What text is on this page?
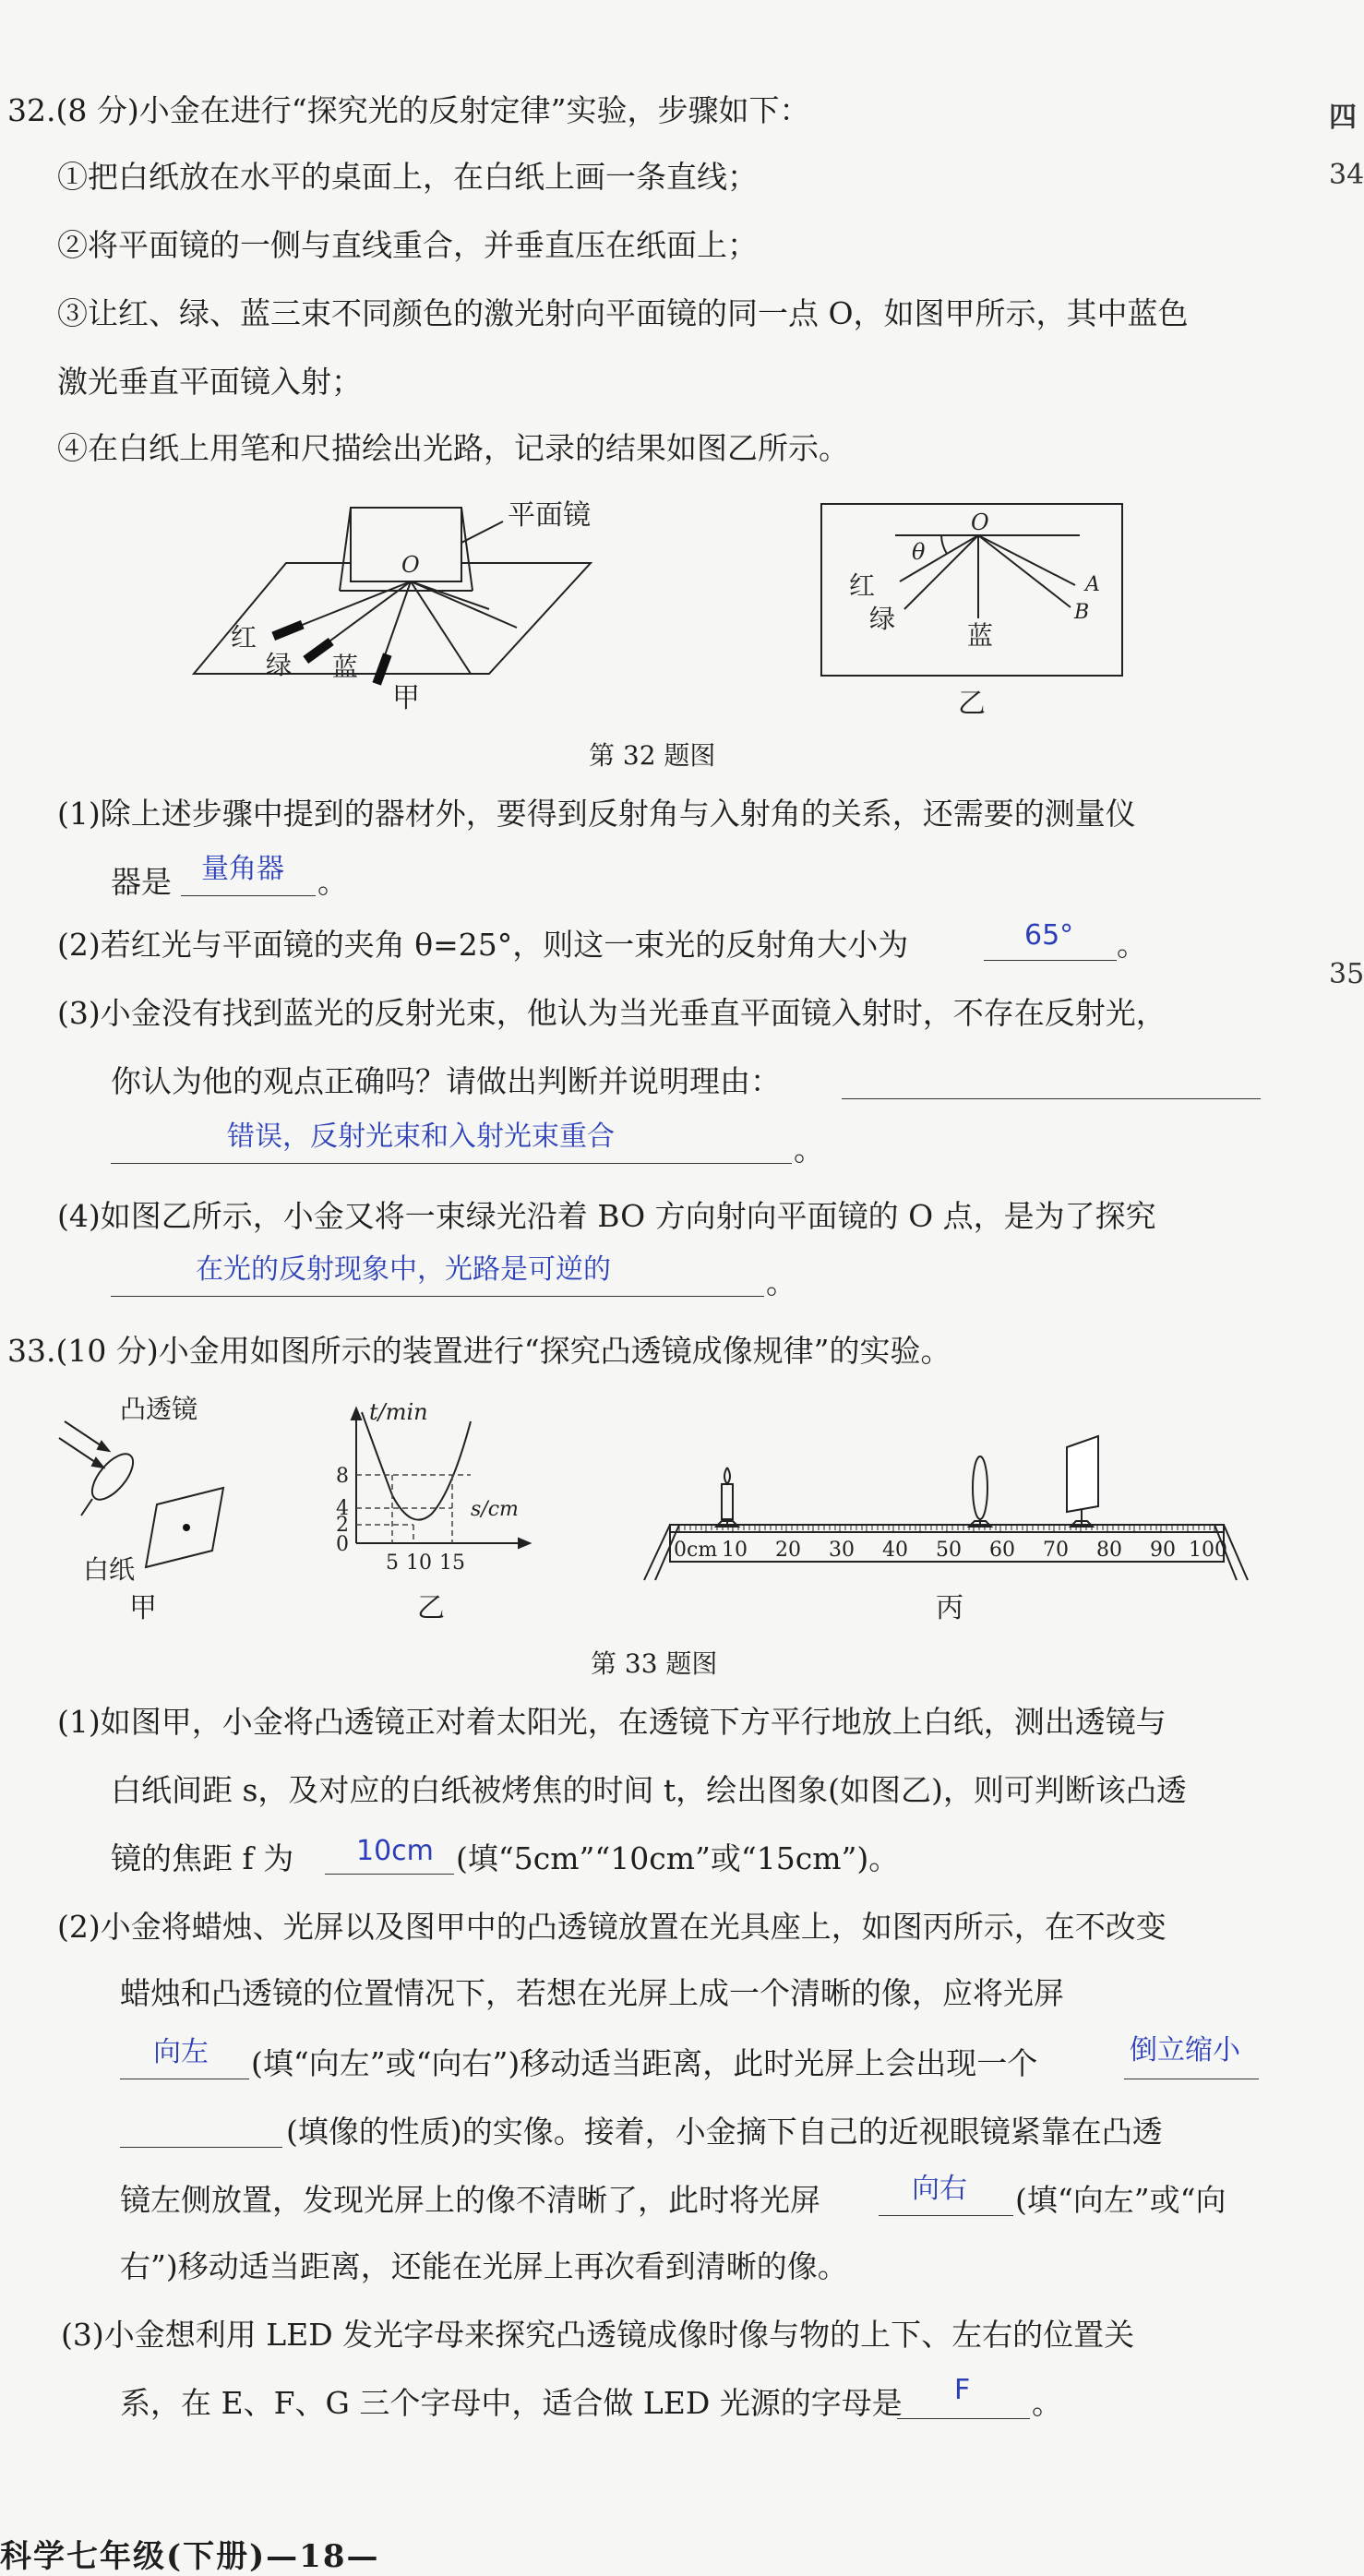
四
34
35
32.(8 分)小金在进行“探究光的反射定律”实验，步骤如下：
①把白纸放在水平的桌面上，在白纸上画一条直线；
②将平面镜的一侧与直线重合，并垂直压在纸面上；
③让红、绿、蓝三束不同颜色的激光射向平面镜的同一点 O，如图甲所示，其中蓝色
激光垂直平面镜入射；
④在白纸上用笔和尺描绘出光路，记录的结果如图乙所示。
平面镜
O
红
绿 蓝
甲
θ
O
红
绿
蓝
A
B
乙
第 32 题图
(1)除上述步骤中提到的器材外，要得到反射角与入射角的关系，还需要的测量仪
器是 量角器 。
(2)若红光与平面镜的夹角 θ=25°，则这一束光的反射角大小为	65° 。
(3)小金没有找到蓝光的反射光束，他认为当光垂直平面镜入射时，不存在反射光，
你认为他的观点正确吗？请做出判断并说明理由：
错误，反射光束和入射光束重合	。
(4)如图乙所示，小金又将一束绿光沿着 BO 方向射向平面镜的 O 点，是为了探究
在光的反射现象中，光路是可逆的	。
33.(10 分)小金用如图所示的装置进行“探究凸透镜成像规律”的实验。
凸透镜
白纸
甲
t/min
s/cm
8
4
2
0
5 10 15
乙
0cm 10 20 30 40 50 60 70 80 90 100
丙
第 33 题图
(1)如图甲，小金将凸透镜正对着太阳光，在透镜下方平行地放上白纸，测出透镜与
白纸间距 s，及对应的白纸被烤焦的时间 t，绘出图象(如图乙)，则可判断该凸透
镜的焦距 f 为 10cm (填“5cm”“10cm”或“15cm”)。
(2)小金将蜡烛、光屏以及图甲中的凸透镜放置在光具座上，如图丙所示，在不改变
蜡烛和凸透镜的位置情况下，若想在光屏上成一个清晰的像，应将光屏
向左 (填“向左”或“向右”)移动适当距离，此时光屏上会出现一个	倒立缩小
(填像的性质)的实像。接着，小金摘下自己的近视眼镜紧靠在凸透
镜左侧放置，发现光屏上的像不清晰了，此时将光屏	向右 (填“向左”或“向
右”)移动适当距离，还能在光屏上再次看到清晰的像。
(3)小金想利用 LED 发光字母来探究凸透镜成像时像与物的上下、左右的位置关
系，在 E、F、G 三个字母中，适合做 LED 光源的字母是 F 。
科学七年级(下册)—18—
